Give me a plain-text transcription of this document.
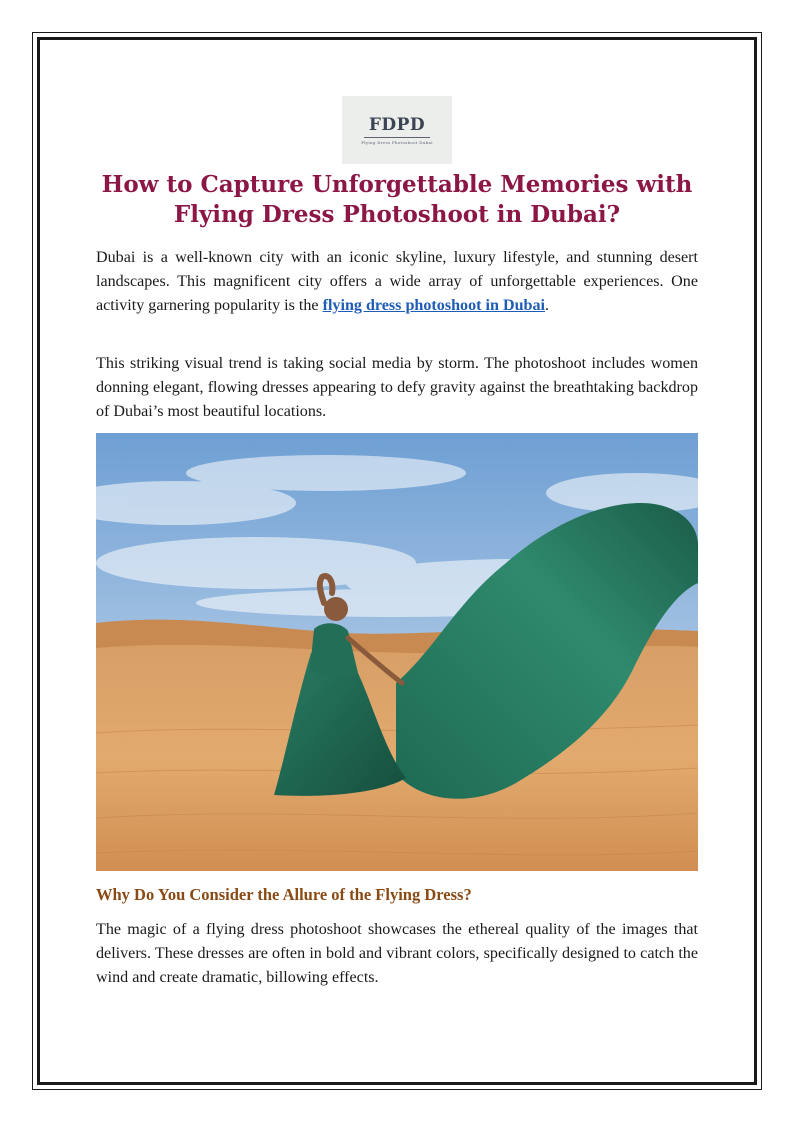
FDPD
Flying Dress Photoshoot Dubai
How to Capture Unforgettable Memories with
Flying Dress Photoshoot in Dubai?

Dubai is a well-known city with an iconic skyline, luxury lifestyle, and stunning desert landscapes. This magnificent city offers a wide array of unforgettable experiences. One activity garnering popularity is the flying dress photoshoot in Dubai.

This striking visual trend is taking social media by storm. The photoshoot includes women donning elegant, flowing dresses appearing to defy gravity against the breathtaking backdrop of Dubai’s most beautiful locations.

Why Do You Consider the Allure of the Flying Dress?

The magic of a flying dress photoshoot showcases the ethereal quality of the images that delivers. These dresses are often in bold and vibrant colors, specifically designed to catch the wind and create dramatic, billowing effects.
